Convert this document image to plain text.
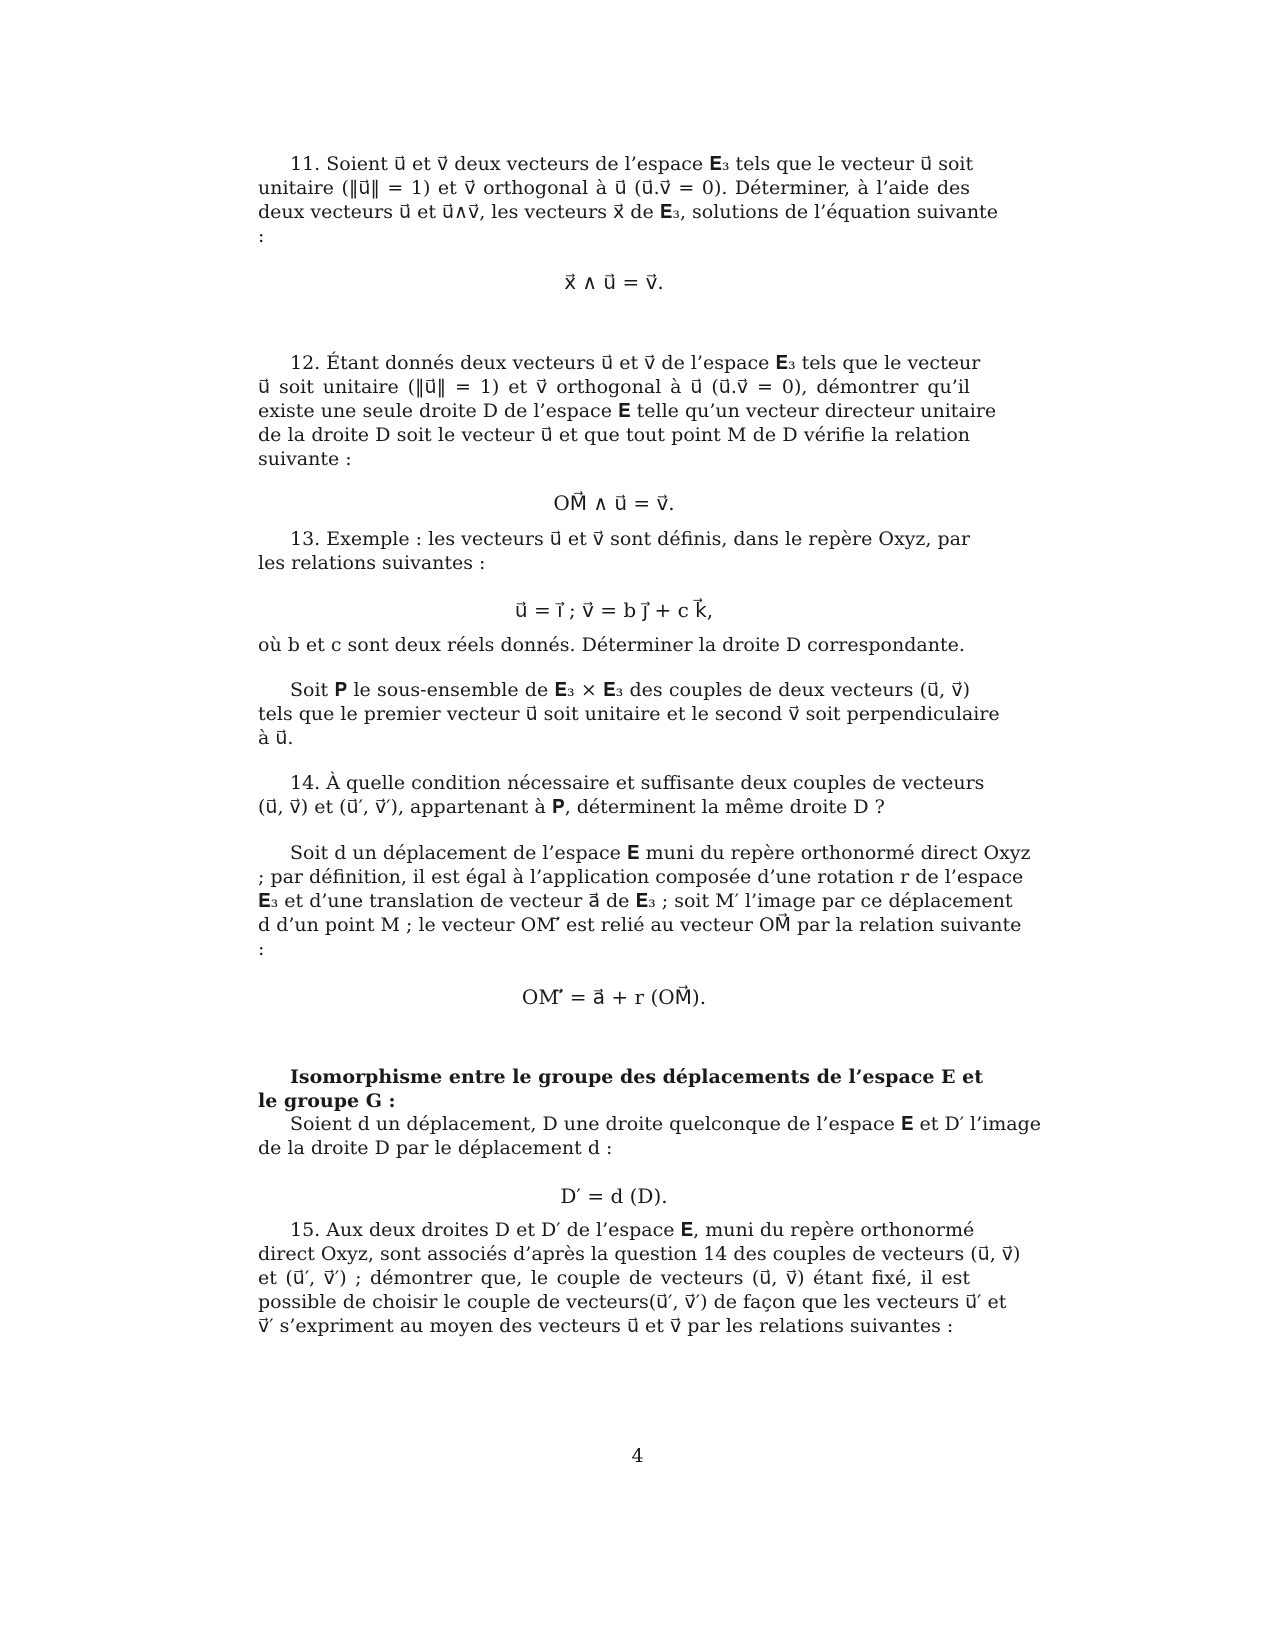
11. Soient u⃗ et v⃗ deux vecteurs de l’espace 𝐄₃ tels que le vecteur u⃗ soit
unitaire (‖u⃗‖ = 1) et v⃗ orthogonal à u⃗ (u⃗.v⃗ = 0). Déterminer, à l’aide des
deux vecteurs u⃗ et u⃗∧v⃗, les vecteurs x⃗ de 𝐄₃, solutions de l’équation suivante
:
x⃗ ∧ u⃗ = v⃗.
12. Étant donnés deux vecteurs u⃗ et v⃗ de l’espace 𝐄₃ tels que le vecteur
u⃗ soit unitaire (‖u⃗‖ = 1) et v⃗ orthogonal à u⃗ (u⃗.v⃗ = 0), démontrer qu’il
existe une seule droite D de l’espace 𝐄 telle qu’un vecteur directeur unitaire
de la droite D soit le vecteur u⃗ et que tout point M de D vérifie la relation
suivante :
OM⃗ ∧ u⃗ = v⃗.
13. Exemple : les vecteurs u⃗ et v⃗ sont définis, dans le repère Oxyz, par
les relations suivantes :
u⃗ = i⃗ ; v⃗ = b j⃗ + c k⃗,
où b et c sont deux réels donnés. Déterminer la droite D correspondante.
Soit 𝐏 le sous-ensemble de 𝐄₃ × 𝐄₃ des couples de deux vecteurs (u⃗, v⃗)
tels que le premier vecteur u⃗ soit unitaire et le second v⃗ soit perpendiculaire
à u⃗.
14. À quelle condition nécessaire et suffisante deux couples de vecteurs
(u⃗, v⃗) et (u⃗′, v⃗′), appartenant à 𝐏, déterminent la même droite D ?
Soit d un déplacement de l’espace 𝐄 muni du repère orthonormé direct Oxyz
; par définition, il est égal à l’application composée d’une rotation r de l’espace
𝐄₃ et d’une translation de vecteur a⃗ de 𝐄₃ ; soit M′ l’image par ce déplacement
d d’un point M ; le vecteur OM′⃗ est relié au vecteur OM⃗ par la relation suivante
:
OM′⃗ = a⃗ + r (OM⃗).
Isomorphisme entre le groupe des déplacements de l’espace 𝐄 et
le groupe 𝐆 :
Soient d un déplacement, D une droite quelconque de l’espace 𝐄 et D′ l’image
de la droite D par le déplacement d :
D′ = d (D).
15. Aux deux droites D et D′ de l’espace 𝐄, muni du repère orthonormé
direct Oxyz, sont associés d’après la question 14 des couples de vecteurs (u⃗, v⃗)
et (u⃗′, v⃗′) ; démontrer que, le couple de vecteurs (u⃗, v⃗) étant fixé, il est
possible de choisir le couple de vecteurs(u⃗′, v⃗′) de façon que les vecteurs u⃗′ et
v⃗′ s’expriment au moyen des vecteurs u⃗ et v⃗ par les relations suivantes :
4
